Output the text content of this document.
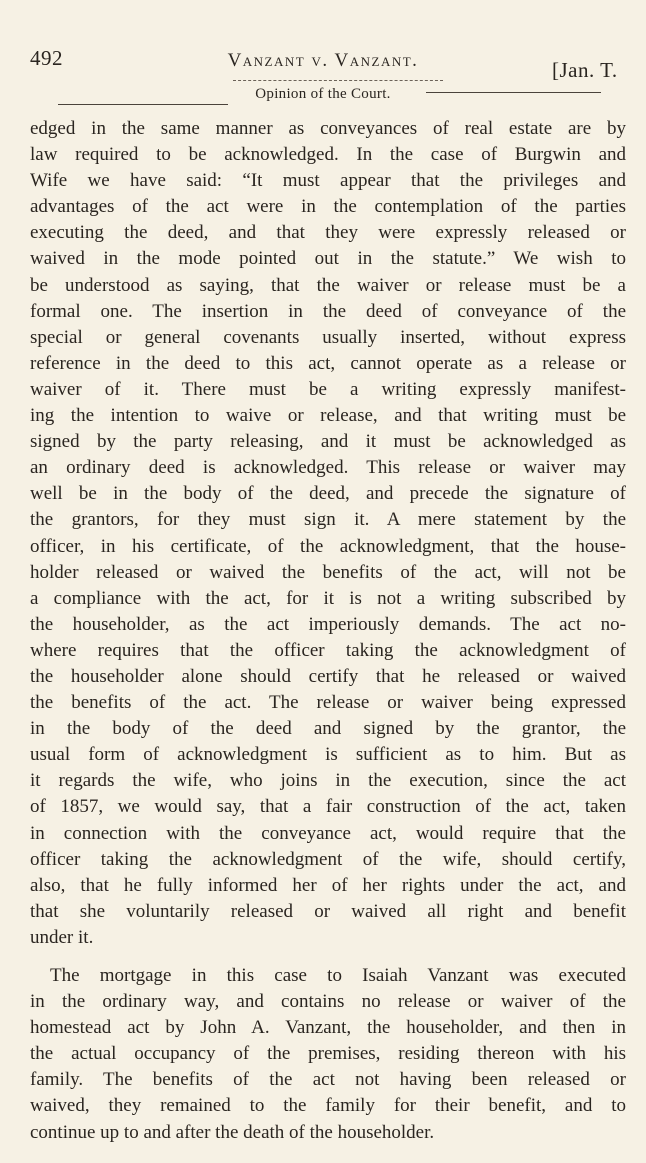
492	Vanzant v. Vanzant.	[Jan. T.
Opinion of the Court.
edged in the same manner as conveyances of real estate are by
law required to be acknowledged. In the case of Burgwin and
Wife we have said: “It must appear that the privileges and
advantages of the act were in the contemplation of the parties
executing the deed, and that they were expressly released or
waived in the mode pointed out in the statute.” We wish to
be understood as saying, that the waiver or release must be a
formal one. The insertion in the deed of conveyance of the
special or general covenants usually inserted, without express
reference in the deed to this act, cannot operate as a release or
waiver of it. There must be a writing expressly manifest-
ing the intention to waive or release, and that writing must be
signed by the party releasing, and it must be acknowledged as
an ordinary deed is acknowledged. This release or waiver may
well be in the body of the deed, and precede the signature of
the grantors, for they must sign it. A mere statement by the
officer, in his certificate, of the acknowledgment, that the house-
holder released or waived the benefits of the act, will not be
a compliance with the act, for it is not a writing subscribed by
the householder, as the act imperiously demands. The act no-
where requires that the officer taking the acknowledgment of
the householder alone should certify that he released or waived
the benefits of the act. The release or waiver being expressed
in the body of the deed and signed by the grantor, the
usual form of acknowledgment is sufficient as to him. But as
it regards the wife, who joins in the execution, since the act
of 1857, we would say, that a fair construction of the act, taken
in connection with the conveyance act, would require that the
officer taking the acknowledgment of the wife, should certify,
also, that he fully informed her of her rights under the act, and
that she voluntarily released or waived all right and benefit
under it.
The mortgage in this case to Isaiah Vanzant was executed
in the ordinary way, and contains no release or waiver of the
homestead act by John A. Vanzant, the householder, and then in
the actual occupancy of the premises, residing thereon with his
family. The benefits of the act not having been released or
waived, they remained to the family for their benefit, and to
continue up to and after the death of the householder.
